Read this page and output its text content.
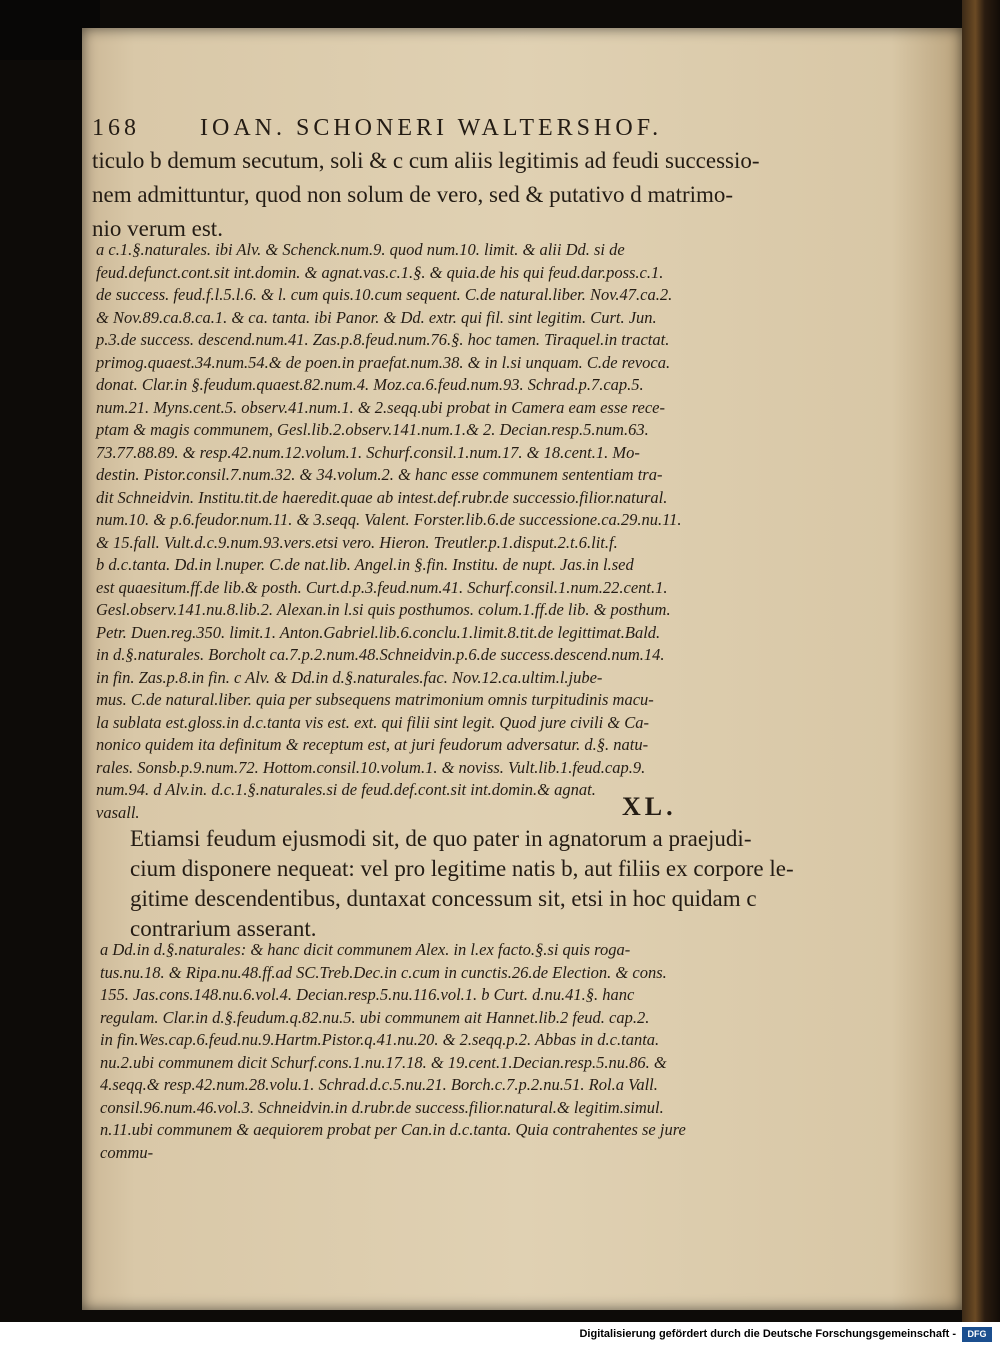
168	IOAN. SCHONERI WALTERSHOF.
ticulo b demum secutum, soli & c cum aliis legitimis ad feudi successio-
nem admittuntur, quod non solum de vero, sed & putativo d matrimo-
nio verum est.
a c.1.§.naturales. ibi Alv. & Schenck.num.9. quod num.10. limit. & alii Dd. si de
feud.defunct.cont.sit int.domin. & agnat.vas.c.1.§. & quia.de his qui feud.dar.poss.c.1.
de success. feud.f.l.5.l.6. & l. cum quis.10.cum sequent. C.de natural.liber. Nov.47.ca.2.
& Nov.89.ca.8.ca.1. & ca. tanta. ibi Panor. & Dd. extr. qui fil. sint legitim. Curt. Jun.
p.3.de success. descend.num.41. Zas.p.8.feud.num.76.§. hoc tamen. Tiraquel.in tractat.
primog.quaest.34.num.54.& de poen.in praefat.num.38. & in l.si unquam. C.de revoca.
donat. Clar.in §.feudum.quaest.82.num.4. Moz.ca.6.feud.num.93. Schrad.p.7.cap.5.
num.21. Myns.cent.5. observ.41.num.1. & 2.seqq.ubi probat in Camera eam esse rece-
ptam & magis communem, Gesl.lib.2.observ.141.num.1.& 2. Decian.resp.5.num.63.
73.77.88.89. & resp.42.num.12.volum.1. Schurf.consil.1.num.17. & 18.cent.1. Mo-
destin. Pistor.consil.7.num.32. & 34.volum.2. & hanc esse communem sententiam tra-
dit Schneidvin. Institu.tit.de haeredit.quae ab intest.def.rubr.de successio.filior.natural.
num.10. & p.6.feudor.num.11. & 3.seqq. Valent. Forster.lib.6.de successione.ca.29.nu.11.
& 15.fall. Vult.d.c.9.num.93.vers.etsi vero. Hieron. Treutler.p.1.disput.2.t.6.lit.f.
b d.c.tanta. Dd.in l.nuper. C.de nat.lib. Angel.in §.fin. Institu. de nupt. Jas.in l.sed
est quaesitum.ff.de lib.& posth. Curt.d.p.3.feud.num.41. Schurf.consil.1.num.22.cent.1.
Gesl.observ.141.nu.8.lib.2. Alexan.in l.si quis posthumos. colum.1.ff.de lib. & posthum.
Petr. Duen.reg.350. limit.1. Anton.Gabriel.lib.6.conclu.1.limit.8.tit.de legittimat.Bald.
in d.§.naturales. Borcholt ca.7.p.2.num.48.Schneidvin.p.6.de success.descend.num.14.
in fin. Zas.p.8.in fin. c Alv. & Dd.in d.§.naturales.fac. Nov.12.ca.ultim.l.jube-
mus. C.de natural.liber. quia per subsequens matrimonium omnis turpitudinis macu-
la sublata est.gloss.in d.c.tanta vis est. ext. qui filii sint legit. Quod jure civili & Ca-
nonico quidem ita definitum & receptum est, at juri feudorum adversatur. d.§. natu-
rales. Sonsb.p.9.num.72. Hottom.consil.10.volum.1. & noviss. Vult.lib.1.feud.cap.9.
num.94. d Alv.in. d.c.1.§.naturales.si de feud.def.cont.sit int.domin.& agnat.
vasall.	XL.
Etiamsi feudum ejusmodi sit, de quo pater in agnatorum a praejudi-
cium disponere nequeat: vel pro legitime natis b, aut filiis ex corpore le-
gitime descendentibus, duntaxat concessum sit, etsi in hoc quidam c
contrarium asserant.
a Dd.in d.§.naturales: & hanc dicit communem Alex. in l.ex facto.§.si quis roga-
tus.nu.18. & Ripa.nu.48.ff.ad SC.Treb.Dec.in c.cum in cunctis.26.de Election. & cons.
155. Jas.cons.148.nu.6.vol.4. Decian.resp.5.nu.116.vol.1. b Curt. d.nu.41.§. hanc
regulam. Clar.in d.§.feudum.q.82.nu.5. ubi communem ait Hannet.lib.2 feud. cap.2.
in fin.Wes.cap.6.feud.nu.9.Hartm.Pistor.q.41.nu.20. & 2.seqq.p.2. Abbas in d.c.tanta.
nu.2.ubi communem dicit Schurf.cons.1.nu.17.18. & 19.cent.1.Decian.resp.5.nu.86. &
4.seqq.& resp.42.num.28.volu.1. Schrad.d.c.5.nu.21. Borch.c.7.p.2.nu.51. Rol.a Vall.
consil.96.num.46.vol.3. Schneidvin.in d.rubr.de success.filior.natural.& legitim.simul.
n.11.ubi communem & aequiorem probat per Can.in d.c.tanta. Quia contrahentes se jure
commu-
Digitalisierung gefördert durch die Deutsche Forschungsgemeinschaft -	DFG
